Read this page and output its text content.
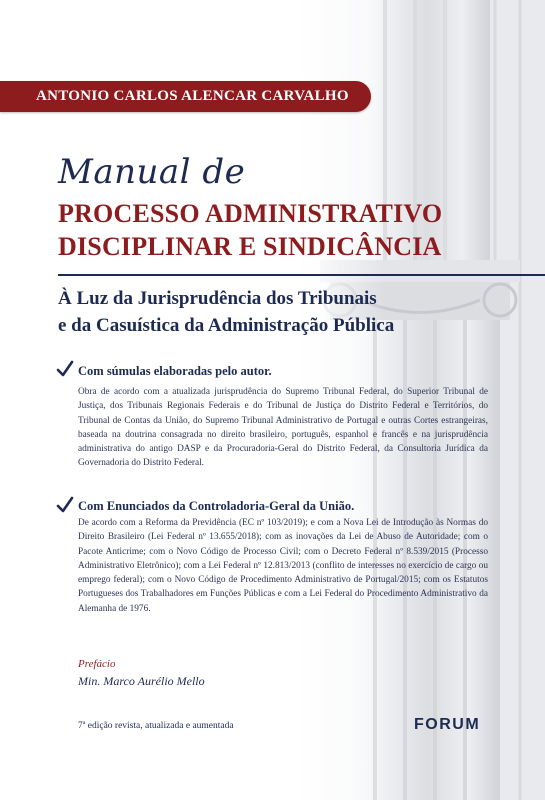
ANTONIO CARLOS ALENCAR CARVALHO
Manual de
PROCESSO ADMINISTRATIVO
DISCIPLINAR E SINDICÂNCIA
À Luz da Jurisprudência dos Tribunais
e da Casuística da Administração Pública
Com súmulas elaboradas pelo autor.
Obra de acordo com a atualizada jurisprudência do Supremo Tribunal Federal, do Superior Tribunal de Justiça, dos Tribunais Regionais Federais e do Tribunal de Justiça do Distrito Federal e Territórios, do Tribunal de Contas da União, do Supremo Tribunal Administrativo de Portugal e outras Cortes estrangeiras, baseada na doutrina consagrada no direito brasileiro, português, espanhol e francês e na jurisprudência administrativa do antigo DASP e da Procuradoria-Geral do Distrito Federal, da Consultoria Jurídica da Governadoria do Distrito Federal.
Com Enunciados da Controladoria-Geral da União.
De acordo com a Reforma da Previdência (EC nº 103/2019); e com a Nova Lei de Introdução às Normas do Direito Brasileiro (Lei Federal nº 13.655/2018); com as inovações da Lei de Abuso de Autoridade; com o Pacote Anticrime; com o Novo Código de Processo Civil; com o Decreto Federal nº 8.539/2015 (Processo Administrativo Eletrônico); com a Lei Federal nº 12.813/2013 (conflito de interesses no exercício de cargo ou emprego federal); com o Novo Código de Procedimento Administrativo de Portugal/2015; com os Estatutos Portugueses dos Trabalhadores em Funções Públicas e com a Lei Federal do Procedimento Administrativo da Alemanha de 1976.
Prefácio
Min. Marco Aurélio Mello
7ª edição revista, atualizada e aumentada	FORUM
